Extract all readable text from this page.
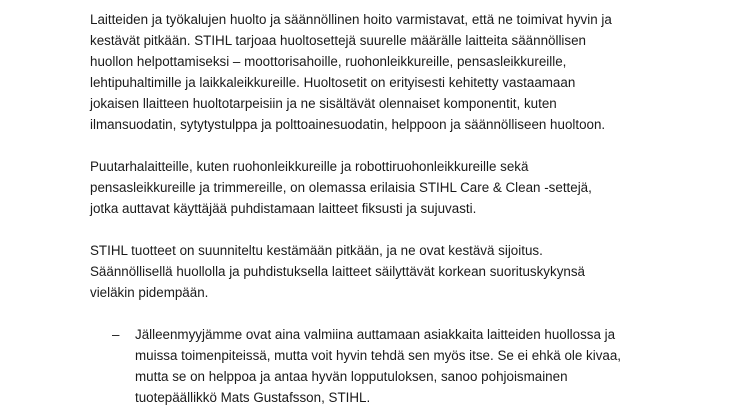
Laitteiden ja työkalujen huolto ja säännöllinen hoito varmistavat, että ne toimivat hyvin ja
kestävät pitkään. STIHL tarjoaa huoltosettejä suurelle määrälle laitteita säännöllisen
huollon helpottamiseksi – moottorisahoille, ruohonleikkureille, pensasleikkureille,
lehtipuhaltimille ja laikkaleikkureille. Huoltosetit on erityisesti kehitetty vastaamaan
jokaisen llaitteen huoltotarpeisiin ja ne sisältävät olennaiset komponentit, kuten
ilmansuodatin, sytytystulppa ja polttoainesuodatin, helppoon ja säännölliseen huoltoon.

Puutarhalaitteille, kuten ruohonleikkureille ja robottiruohonleikkureille sekä
pensasleikkureille ja trimmereille, on olemassa erilaisia STIHL Care & Clean -settejä,
jotka auttavat käyttäjää puhdistamaan laitteet fiksusti ja sujuvasti.

STIHL tuotteet on suunniteltu kestämään pitkään, ja ne ovat kestävä sijoitus.
Säännöllisellä huollolla ja puhdistuksella laitteet säilyttävät korkean suorituskykynsä
vieläkin pidempään.

– Jälleenmyyjämme ovat aina valmiina auttamaan asiakkaita laitteiden huollossa ja
muissa toimenpiteissä, mutta voit hyvin tehdä sen myös itse. Se ei ehkä ole kivaa,
mutta se on helppoa ja antaa hyvän lopputuloksen, sanoo pohjoismainen
tuotepäällikkö Mats Gustafsson, STIHL.
